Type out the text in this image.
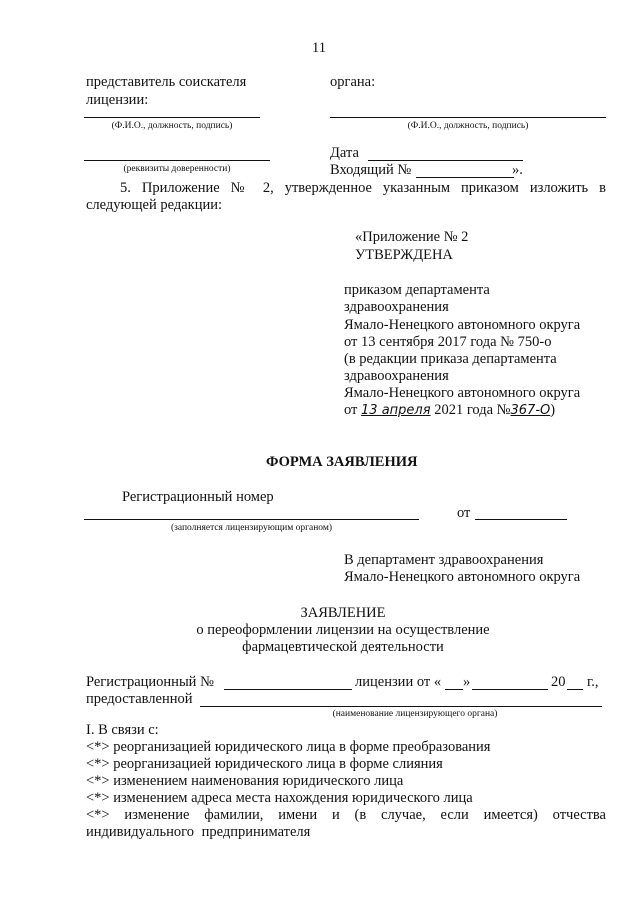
11
представитель соискателя
лицензии:
органа:
(Ф.И.О., должность, подпись)	(Ф.И.О., должность, подпись)
(реквизиты доверенности)
Дата
Входящий №	».
5. Приложение № 2, утвержденное указанным приказом изложить в
следующей редакции:
«Приложение № 2
УТВЕРЖДЕНА
приказом департамента
здравоохранения
Ямало-Ненецкого автономного округа
от 13 сентября 2017 года № 750-о
(в редакции приказа департамента
здравоохранения
Ямало-Ненецкого автономного округа
от 13 апреля 2021 года №367-О)
ФОРМА ЗАЯВЛЕНИЯ
Регистрационный номер
(заполняется лицензирующим органом)
от
В департамент здравоохранения
Ямало-Ненецкого автономного округа
ЗАЯВЛЕНИЕ
о переоформлении лицензии на осуществление
фармацевтической деятельности
Регистрационный №	лицензии от « »	20 г.,
предоставленной
(наименование лицензирующего органа)
I. В связи с:
<*> реорганизацией юридического лица в форме преобразования
<*> реорганизацией юридического лица в форме слияния
<*> изменением наименования юридического лица
<*> изменением адреса места нахождения юридического лица
<*> изменение фамилии, имени и (в случае, если имеется) отчества
индивидуального предпринимателя
